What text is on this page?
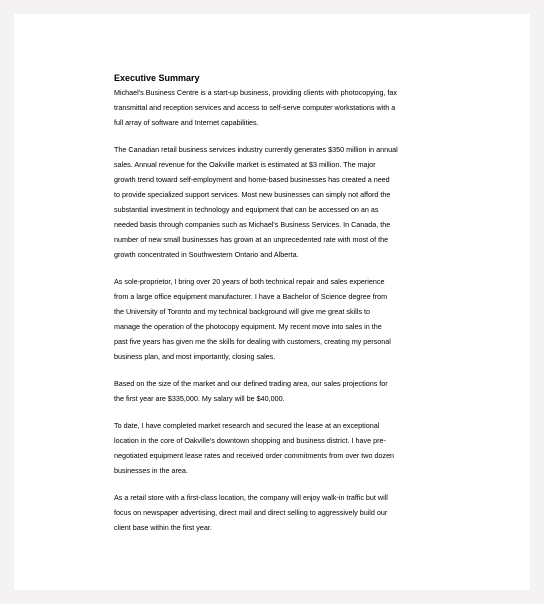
Executive Summary

Michael's Business Centre is a start-up business, providing clients with photocopying, fax
transmittal and reception services and access to self-serve computer workstations with a
full array of software and Internet capabilities.

The Canadian retail business services industry currently generates $350 million in annual
sales. Annual revenue for the Oakville market is estimated at $3 million. The major
growth trend toward self-employment and home-based businesses has created a need
to provide specialized support services. Most new businesses can simply not afford the
substantial investment in technology and equipment that can be accessed on an as
needed basis through companies such as Michael's Business Services. In Canada, the
number of new small businesses has grown at an unprecedented rate with most of the
growth concentrated in Southwestern Ontario and Alberta.

As sole-proprietor, I bring over 20 years of both technical repair and sales experience
from a large office equipment manufacturer. I have a Bachelor of Science degree from
the University of Toronto and my technical background will give me great skills to
manage the operation of the photocopy equipment. My recent move into sales in the
past five years has given me the skills for dealing with customers, creating my personal
business plan, and most importantly, closing sales.

Based on the size of the market and our defined trading area, our sales projections for
the first year are $335,000. My salary will be $40,000.

To date, I have completed market research and secured the lease at an exceptional
location in the core of Oakville's downtown shopping and business district. I have pre-
negotiated equipment lease rates and received order commitments from over two dozen
businesses in the area.

As a retail store with a first-class location, the company will enjoy walk-in traffic but will
focus on newspaper advertising, direct mail and direct selling to aggressively build our
client base within the first year.
